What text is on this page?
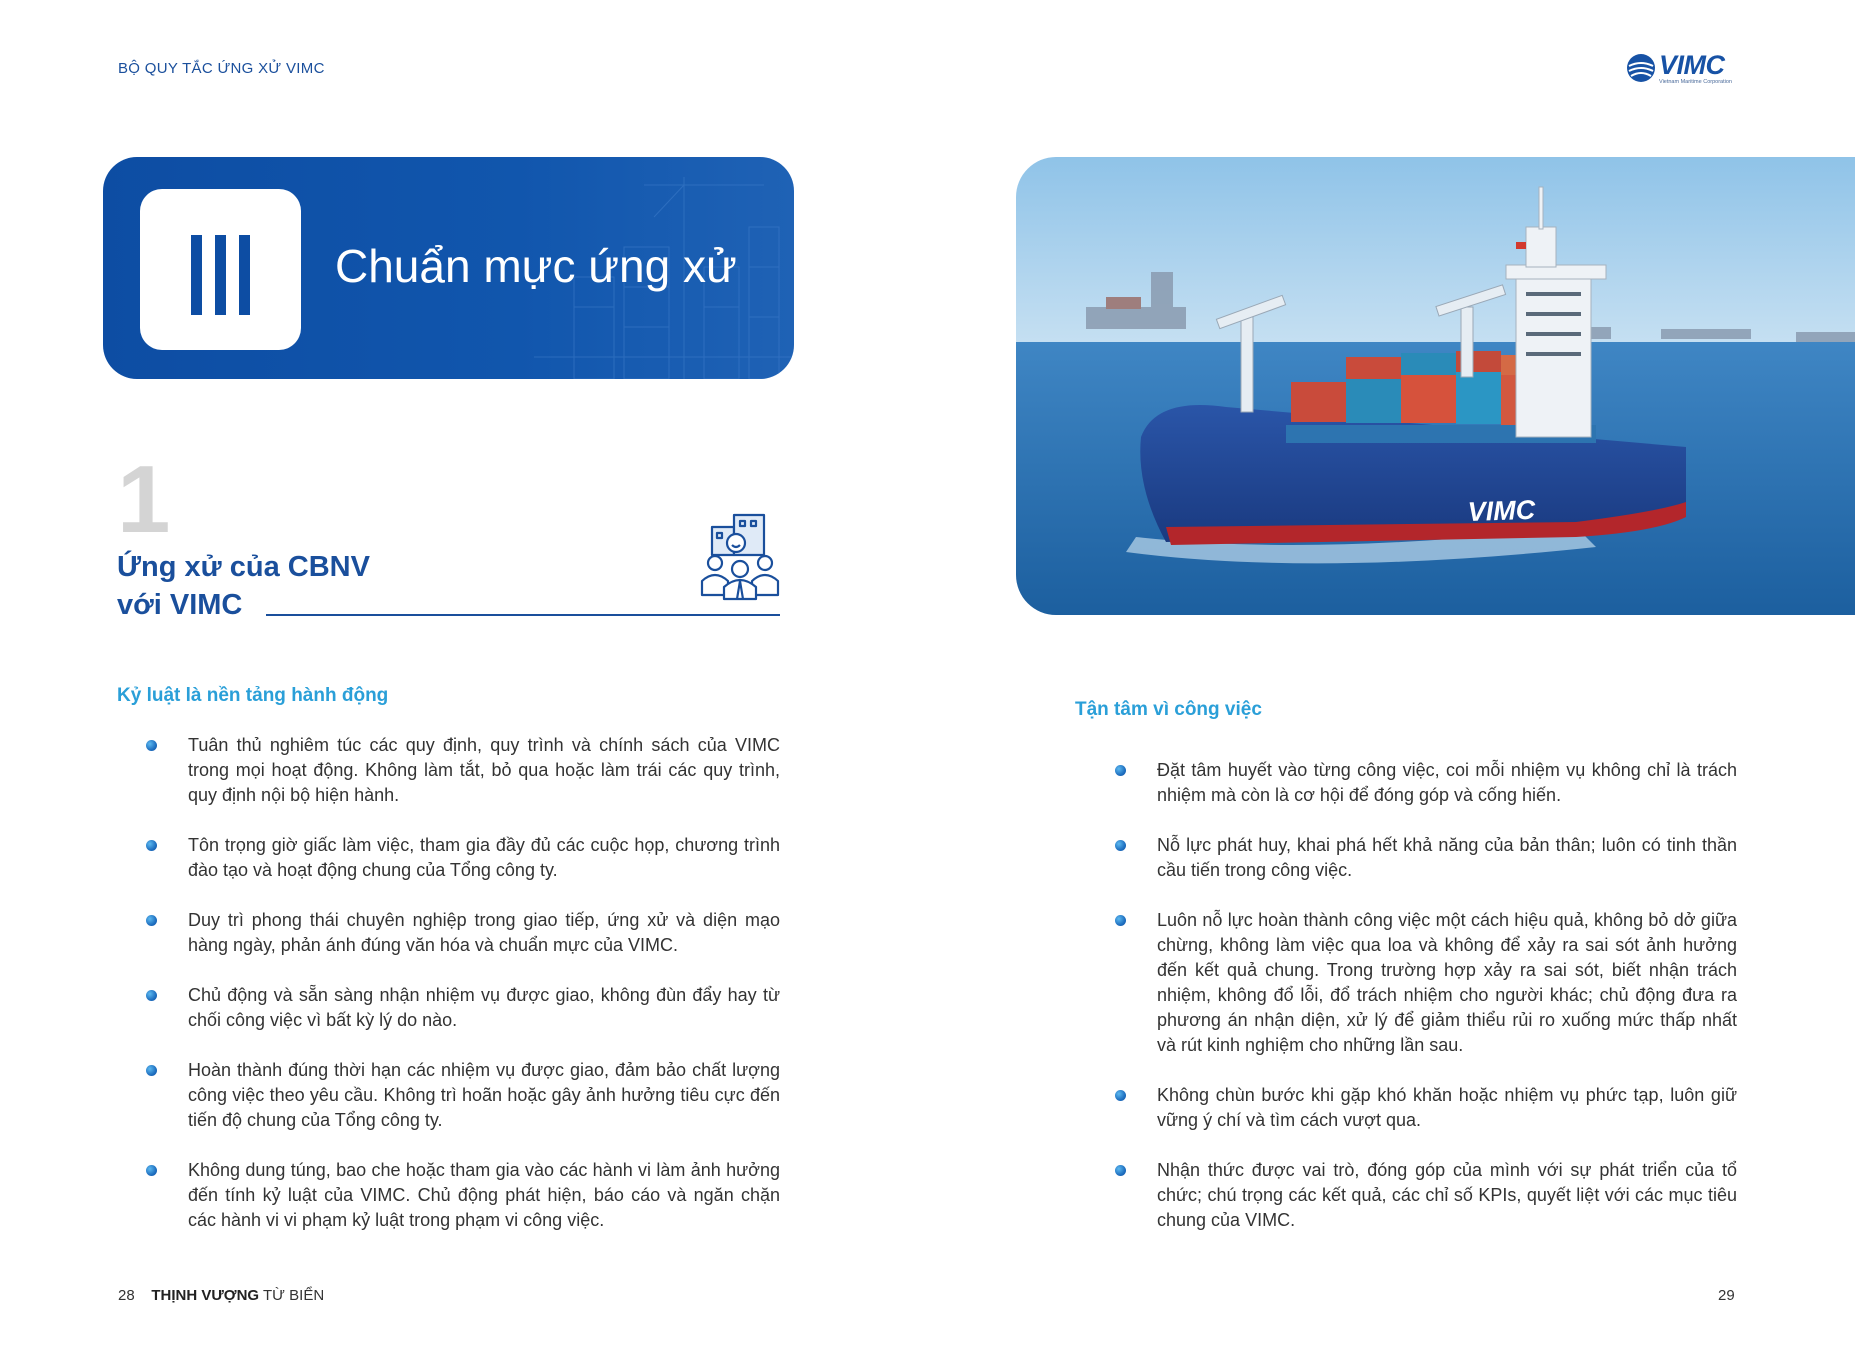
BỘ QUY TẮC ỨNG XỬ VIMC	VIMC
Vietnam Maritime Corporation
Chuẩn mực ứng xử
1
Ứng xử của CBNV
với VIMC
Kỷ luật là nền tảng hành động
Tuân thủ nghiêm túc các quy định, quy trình và chính sách của VIMC trong mọi hoạt động. Không làm tắt, bỏ qua hoặc làm trái các quy trình, quy định nội bộ hiện hành.
Tôn trọng giờ giấc làm việc, tham gia đầy đủ các cuộc họp, chương trình đào tạo và hoạt động chung của Tổng công ty.
Duy trì phong thái chuyên nghiệp trong giao tiếp, ứng xử và diện mạo hàng ngày, phản ánh đúng văn hóa và chuẩn mực của VIMC.
Chủ động và sẵn sàng nhận nhiệm vụ được giao, không đùn đẩy hay từ chối công việc vì bất kỳ lý do nào.
Hoàn thành đúng thời hạn các nhiệm vụ được giao, đảm bảo chất lượng công việc theo yêu cầu. Không trì hoãn hoặc gây ảnh hưởng tiêu cực đến tiến độ chung của Tổng công ty.
Không dung túng, bao che hoặc tham gia vào các hành vi làm ảnh hưởng đến tính kỷ luật của VIMC. Chủ động phát hiện, báo cáo và ngăn chặn các hành vi vi phạm kỷ luật trong phạm vi công việc.
VIMC
Tận tâm vì công việc
Đặt tâm huyết vào từng công việc, coi mỗi nhiệm vụ không chỉ là trách nhiệm mà còn là cơ hội để đóng góp và cống hiến.
Nỗ lực phát huy, khai phá hết khả năng của bản thân; luôn có tinh thần cầu tiến trong công việc.
Luôn nỗ lực hoàn thành công việc một cách hiệu quả, không bỏ dở giữa chừng, không làm việc qua loa và không để xảy ra sai sót ảnh hưởng đến kết quả chung. Trong trường hợp xảy ra sai sót, biết nhận trách nhiệm, không đổ lỗi, đổ trách nhiệm cho người khác; chủ động đưa ra phương án nhận diện, xử lý để giảm thiểu rủi ro xuống mức thấp nhất và rút kinh nghiệm cho những lần sau.
Không chùn bước khi gặp khó khăn hoặc nhiệm vụ phức tạp, luôn giữ vững ý chí và tìm cách vượt qua.
Nhận thức được vai trò, đóng góp của mình với sự phát triển của tổ chức; chú trọng các kết quả, các chỉ số KPIs, quyết liệt với các mục tiêu chung của VIMC.
28 THỊNH VƯỢNG TỪ BIỂN	29
